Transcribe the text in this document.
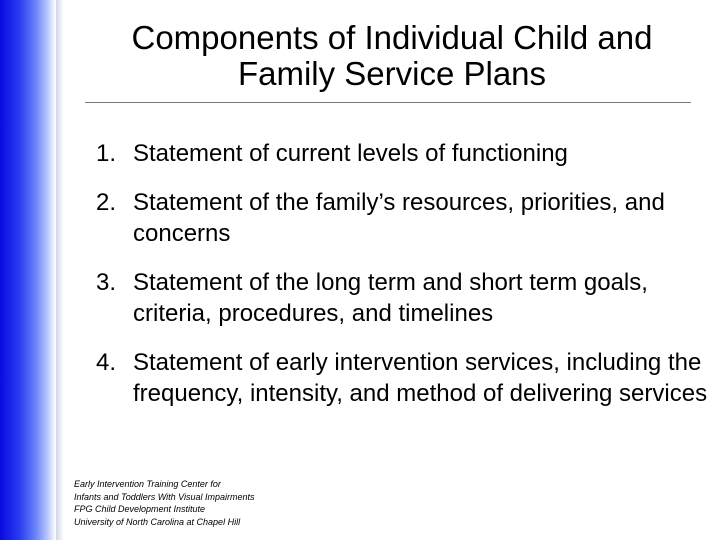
Components of Individual Child and
Family Service Plans
1. Statement of current levels of functioning
2. Statement of the family’s resources, priorities, and concerns
3. Statement of the long term and short term goals, criteria, procedures, and timelines
4. Statement of early intervention services, including the frequency, intensity, and method of delivering services
Early Intervention Training Center for
Infants and Toddlers With Visual Impairments
FPG Child Development Institute
University of North Carolina at Chapel Hill
